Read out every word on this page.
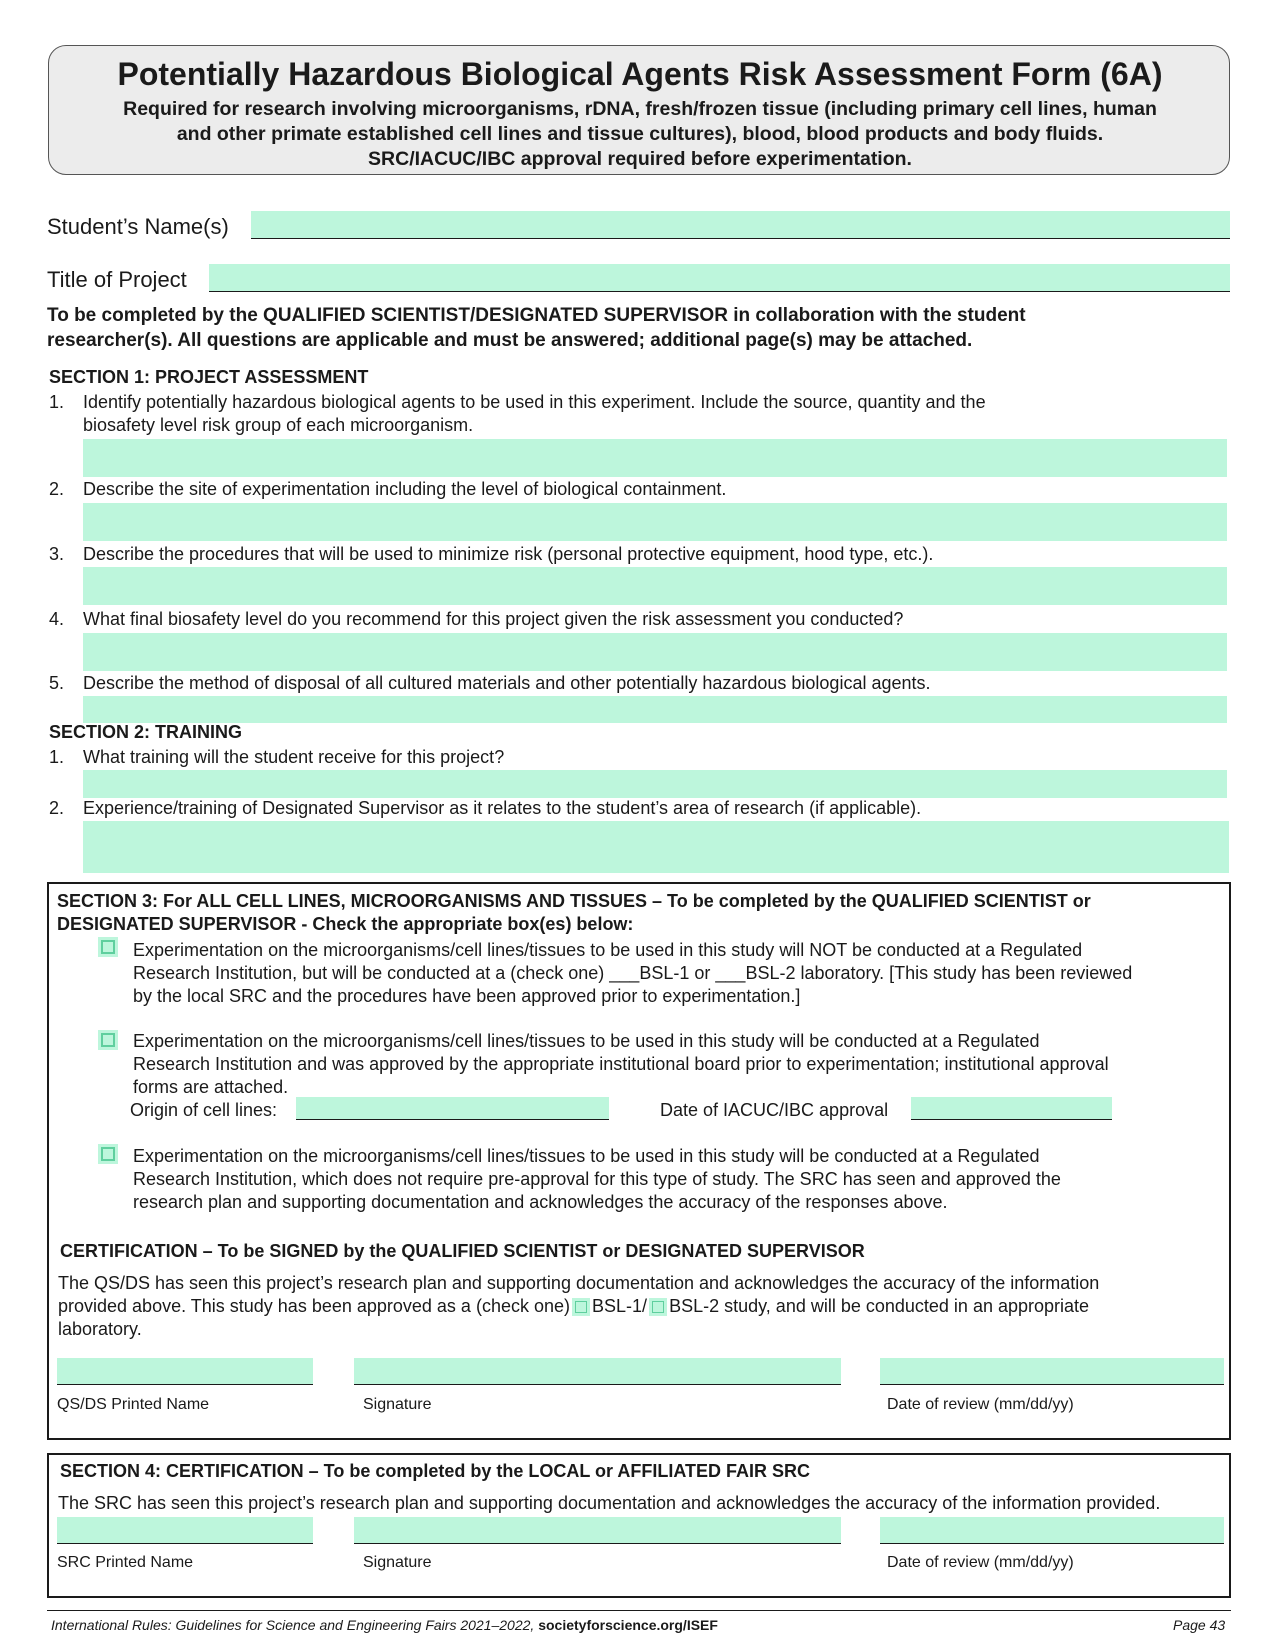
Potentially Hazardous Biological Agents Risk Assessment Form (6A)
Required for research involving microorganisms, rDNA, fresh/frozen tissue (including primary cell lines, human
and other primate established cell lines and tissue cultures), blood, blood products and body fluids.
SRC/IACUC/IBC approval required before experimentation.
Student’s Name(s)
Title of Project
To be completed by the QUALIFIED SCIENTIST/DESIGNATED SUPERVISOR in collaboration with the student
researcher(s). All questions are applicable and must be answered; additional page(s) may be attached.
SECTION 1: PROJECT ASSESSMENT
1. Identify potentially hazardous biological agents to be used in this experiment. Include the source, quantity and the
biosafety level risk group of each microorganism.
2. Describe the site of experimentation including the level of biological containment.
3. Describe the procedures that will be used to minimize risk (personal protective equipment, hood type, etc.).
4. What final biosafety level do you recommend for this project given the risk assessment you conducted?
5. Describe the method of disposal of all cultured materials and other potentially hazardous biological agents.
SECTION 2: TRAINING
1. What training will the student receive for this project?
2. Experience/training of Designated Supervisor as it relates to the student’s area of research (if applicable).
SECTION 3: For ALL CELL LINES, MICROORGANISMS AND TISSUES – To be completed by the QUALIFIED SCIENTIST or
DESIGNATED SUPERVISOR - Check the appropriate box(es) below:
Experimentation on the microorganisms/cell lines/tissues to be used in this study will NOT be conducted at a Regulated
Research Institution, but will be conducted at a (check one) ___BSL-1 or ___BSL-2 laboratory. [This study has been reviewed
by the local SRC and the procedures have been approved prior to experimentation.]
Experimentation on the microorganisms/cell lines/tissues to be used in this study will be conducted at a Regulated
Research Institution and was approved by the appropriate institutional board prior to experimentation; institutional approval
forms are attached.
Origin of cell lines:	Date of IACUC/IBC approval
Experimentation on the microorganisms/cell lines/tissues to be used in this study will be conducted at a Regulated
Research Institution, which does not require pre-approval for this type of study. The SRC has seen and approved the
research plan and supporting documentation and acknowledges the accuracy of the responses above.
CERTIFICATION – To be SIGNED by the QUALIFIED SCIENTIST or DESIGNATED SUPERVISOR
The QS/DS has seen this project’s research plan and supporting documentation and acknowledges the accuracy of the information
provided above. This study has been approved as a (check one) BSL-1/ BSL-2 study, and will be conducted in an appropriate
laboratory.
QS/DS Printed Name	Signature	Date of review (mm/dd/yy)
SECTION 4: CERTIFICATION – To be completed by the LOCAL or AFFILIATED FAIR SRC
The SRC has seen this project’s research plan and supporting documentation and acknowledges the accuracy of the information provided.
SRC Printed Name	Signature	Date of review (mm/dd/yy)
International Rules: Guidelines for Science and Engineering Fairs 2021–2022, societyforscience.org/ISEF	Page 43
